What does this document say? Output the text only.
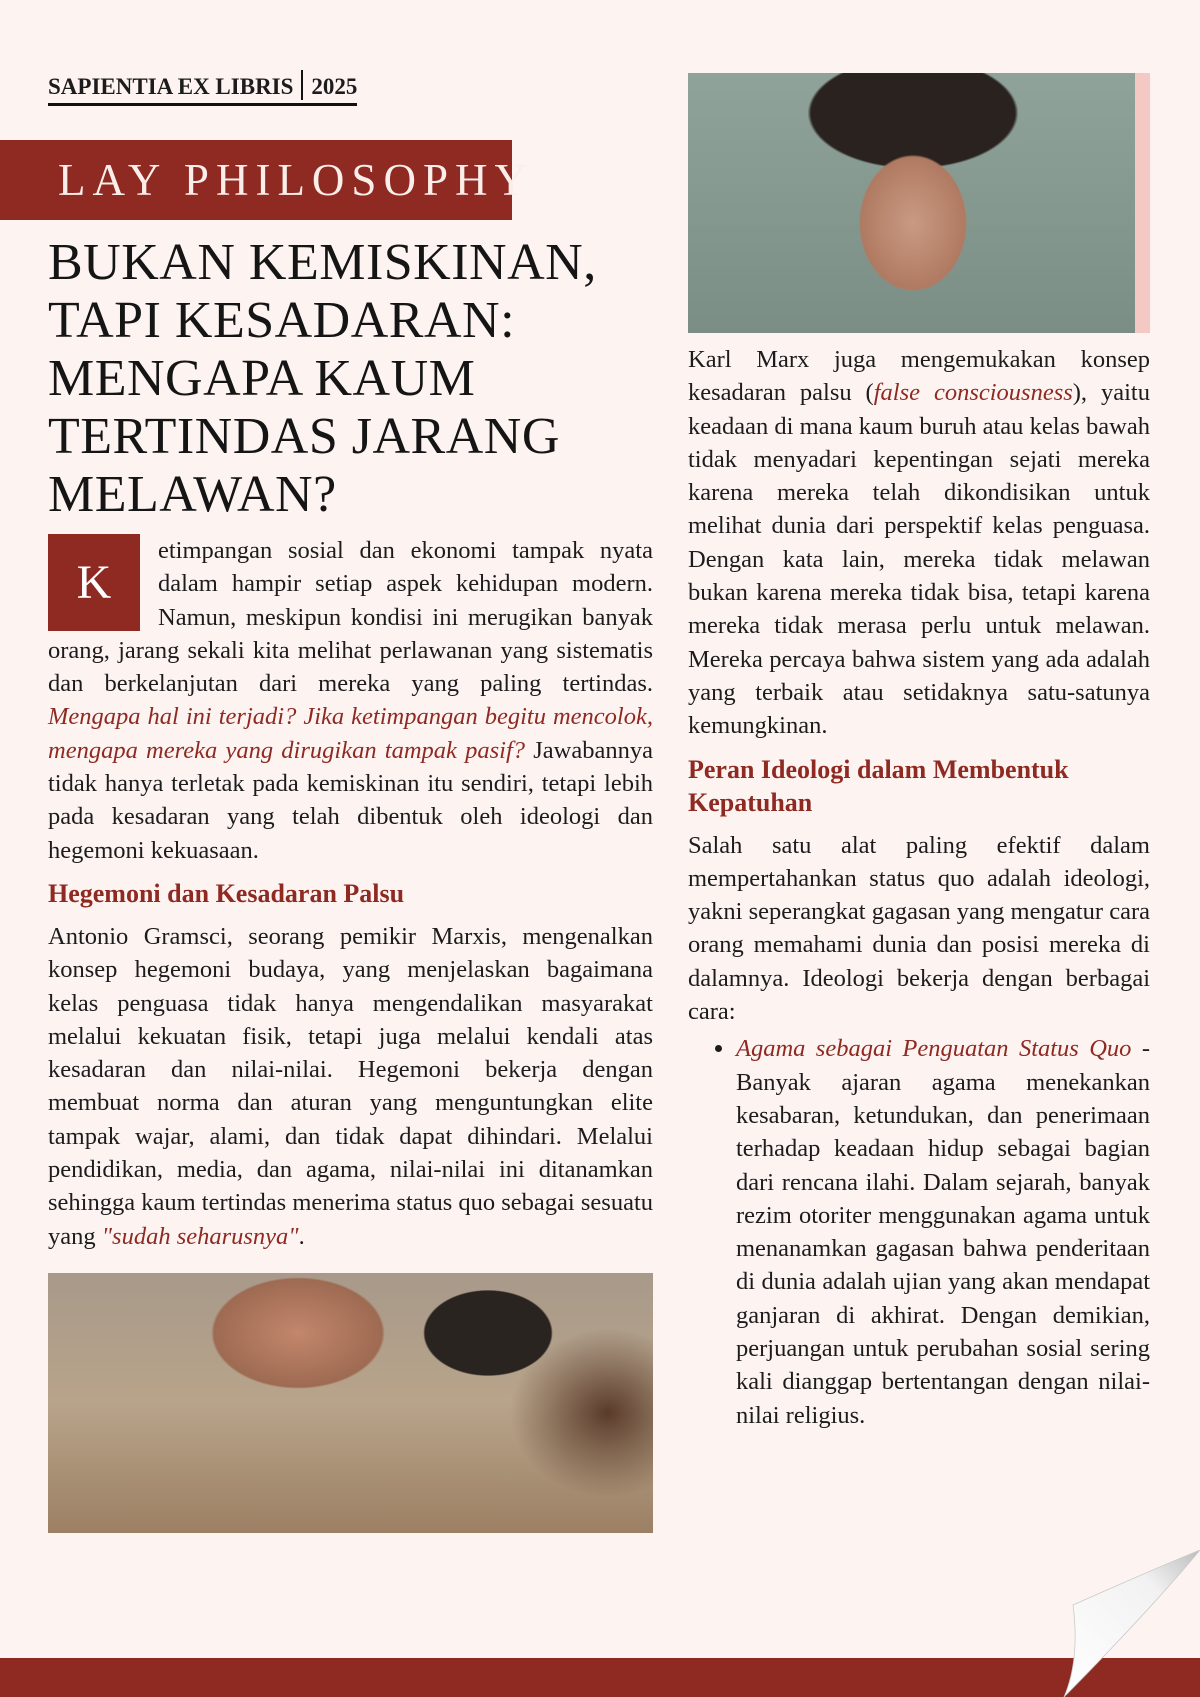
SAPIENTIA EX LIBRIS 2025
LAY PHILOSOPHY
BUKAN KEMISKINAN, TAPI KESADARAN: MENGAPA KAUM TERTINDAS JARANG MELAWAN?

K
etimpangan sosial dan ekonomi tampak nyata dalam hampir setiap aspek kehidupan modern. Namun, meskipun kondisi ini merugikan banyak orang, jarang sekali kita melihat perlawanan yang sistematis dan berkelanjutan dari mereka yang paling tertindas. Mengapa hal ini terjadi? Jika ketimpangan begitu mencolok, mengapa mereka yang dirugikan tampak pasif? Jawabannya tidak hanya terletak pada kemiskinan itu sendiri, tetapi lebih pada kesadaran yang telah dibentuk oleh ideologi dan hegemoni kekuasaan.

Hegemoni dan Kesadaran Palsu

Antonio Gramsci, seorang pemikir Marxis, mengenalkan konsep hegemoni budaya, yang menjelaskan bagaimana kelas penguasa tidak hanya mengendalikan masyarakat melalui kekuatan fisik, tetapi juga melalui kendali atas kesadaran dan nilai-nilai. Hegemoni bekerja dengan membuat norma dan aturan yang menguntungkan elite tampak wajar, alami, dan tidak dapat dihindari. Melalui pendidikan, media, dan agama, nilai-nilai ini ditanamkan sehingga kaum tertindas menerima status quo sebagai sesuatu yang "sudah seharusnya".

Karl Marx juga mengemukakan konsep kesadaran palsu (false consciousness), yaitu keadaan di mana kaum buruh atau kelas bawah tidak menyadari kepentingan sejati mereka karena mereka telah dikondisikan untuk melihat dunia dari perspektif kelas penguasa. Dengan kata lain, mereka tidak melawan bukan karena mereka tidak bisa, tetapi karena mereka tidak merasa perlu untuk melawan. Mereka percaya bahwa sistem yang ada adalah yang terbaik atau setidaknya satu-satunya kemungkinan.

Peran Ideologi dalam Membentuk Kepatuhan

Salah satu alat paling efektif dalam mempertahankan status quo adalah ideologi, yakni seperangkat gagasan yang mengatur cara orang memahami dunia dan posisi mereka di dalamnya. Ideologi bekerja dengan berbagai cara:

• Agama sebagai Penguatan Status Quo - Banyak ajaran agama menekankan kesabaran, ketundukan, dan penerimaan terhadap keadaan hidup sebagai bagian dari rencana ilahi. Dalam sejarah, banyak rezim otoriter menggunakan agama untuk menanamkan gagasan bahwa penderitaan di dunia adalah ujian yang akan mendapat ganjaran di akhirat. Dengan demikian, perjuangan untuk perubahan sosial sering kali dianggap bertentangan dengan nilai-nilai religius.
